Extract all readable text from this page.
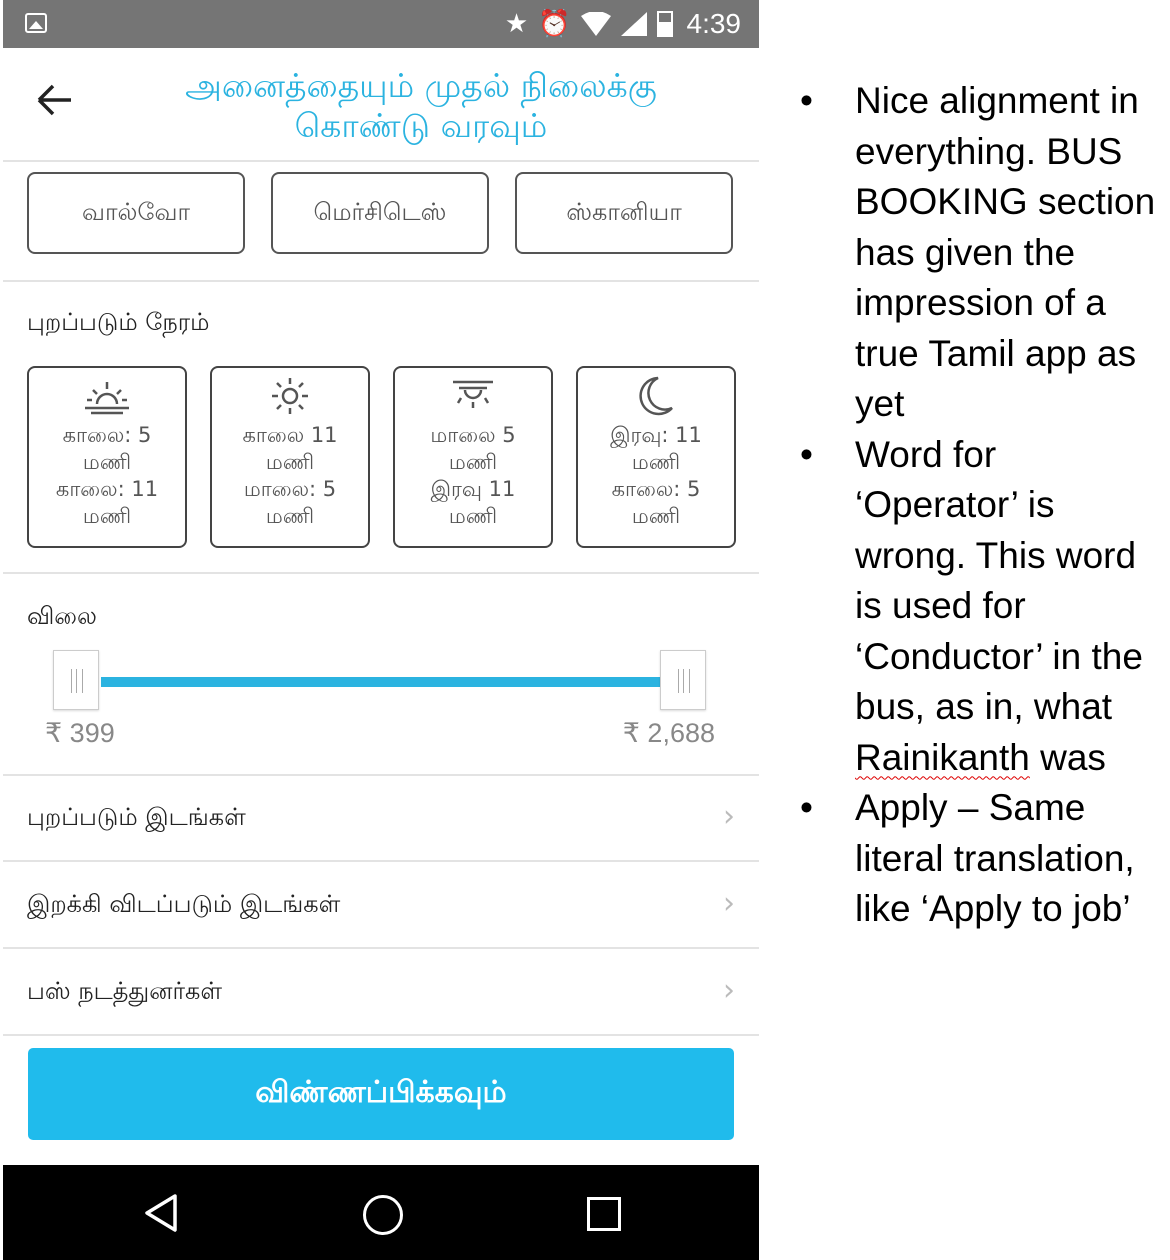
★ ⏰	4:39
அனைத்தையும் முதல் நிலைக்கு கொண்டு வரவும்
வால்வோ	மெர்சிடெஸ்	ஸ்கானியா
புறப்படும் நேரம்
காலை: 5
மணி
காலை: 11
மணி
காலை 11
மணி
மாலை: 5
மணி
மாலை 5
மணி
இரவு 11
மணி
இரவு: 11
மணி
காலை: 5
மணி
விலை
₹ 399	₹ 2,688
புறப்படும் இடங்கள்	›
இறக்கி விடப்படும் இடங்கள்	›
பஸ் நடத்துனர்கள்	›
விண்ணப்பிக்கவும்
• Nice alignment in everything. BUS BOOKING section has given the impression of a true Tamil app as yet
• Word for ‘Operator’ is wrong. This word is used for ‘Conductor’ in the bus, as in, what Rainikanth was
• Apply – Same literal translation, like ‘Apply to job’
